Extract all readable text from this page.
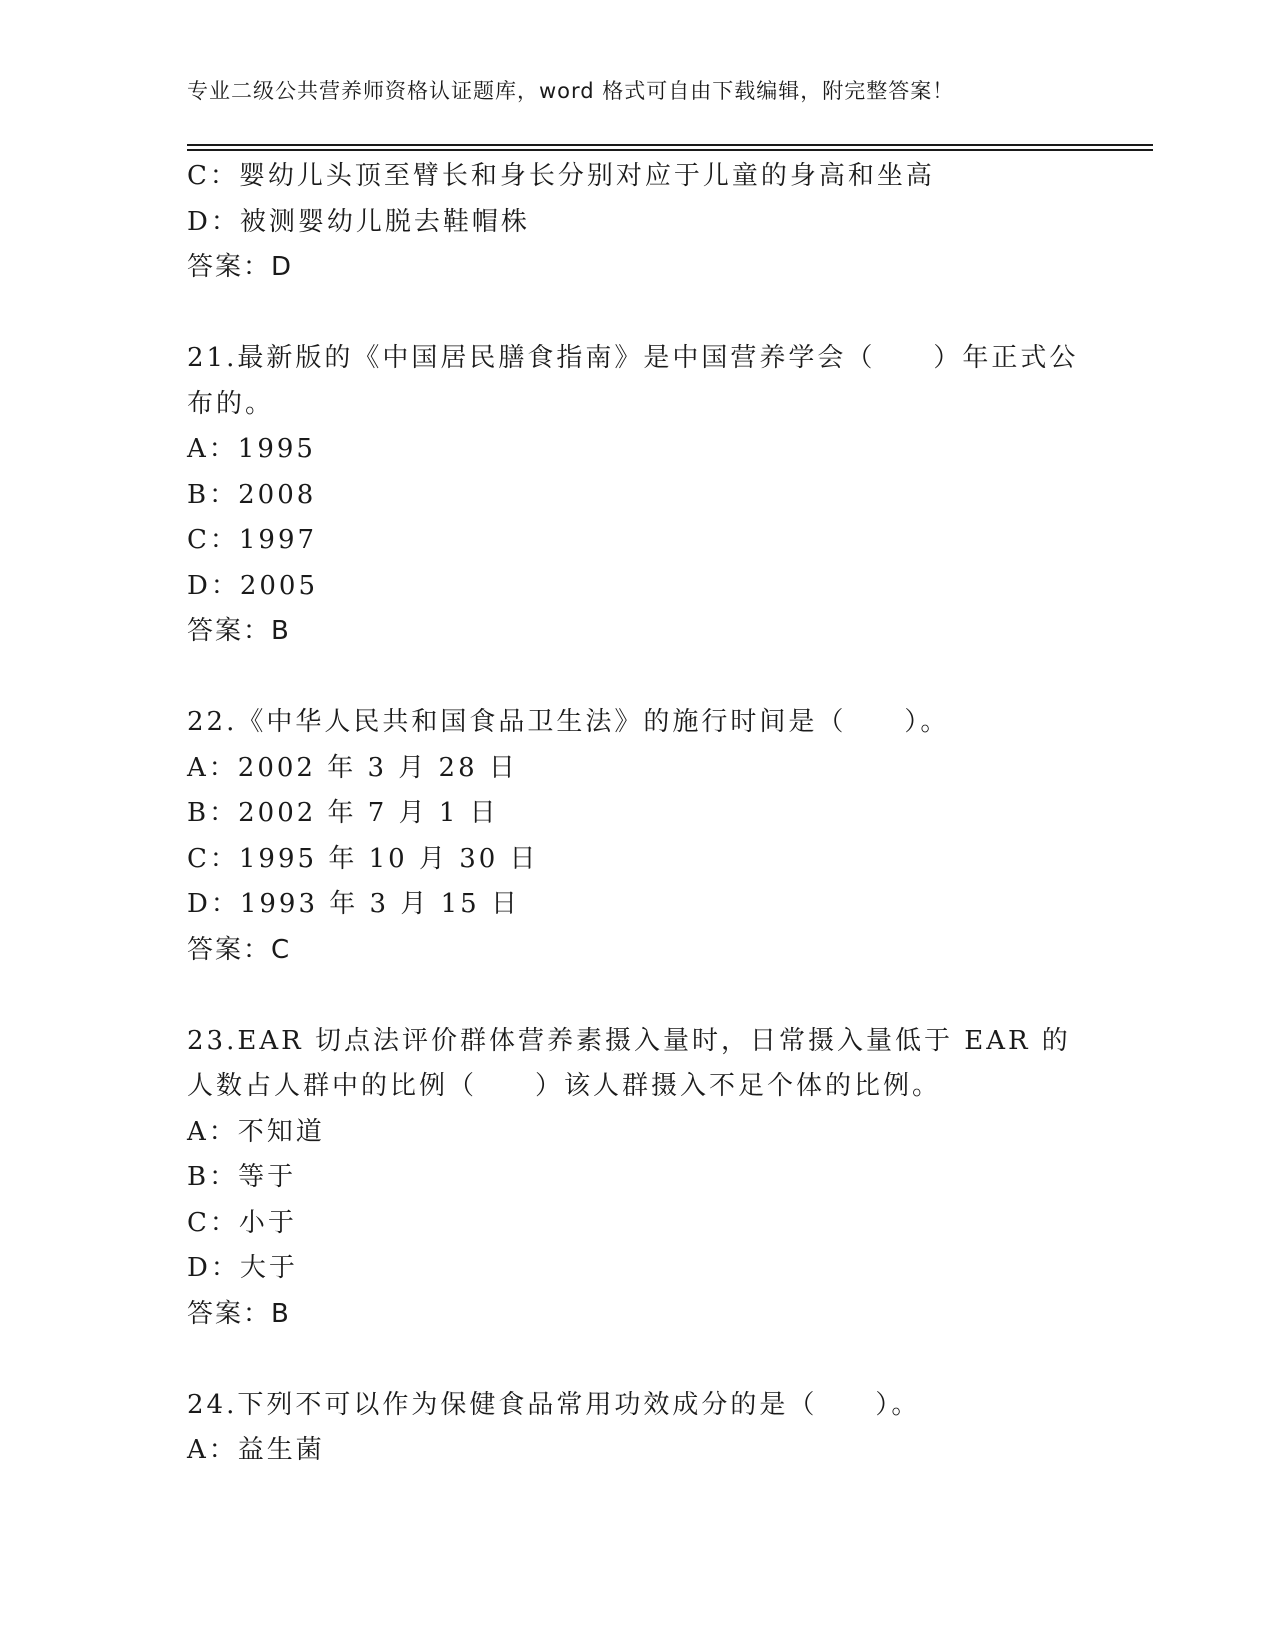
专业二级公共营养师资格认证题库，word 格式可自由下载编辑，附完整答案！
C：婴幼儿头顶至臂长和身长分别对应于儿童的身高和坐高
D：被测婴幼儿脱去鞋帽株
答案：D
21.最新版的《中国居民膳食指南》是中国营养学会（　　）年正式公布的。
A：1995
B：2008
C：1997
D：2005
答案：B
22.《中华人民共和国食品卫生法》的施行时间是（　　）。
A：2002 年 3 月 28 日
B：2002 年 7 月 1 日
C：1995 年 10 月 30 日
D：1993 年 3 月 15 日
答案：C
23.EAR 切点法评价群体营养素摄入量时，日常摄入量低于 EAR 的人数占人群中的比例（　　）该人群摄入不足个体的比例。
A：不知道
B：等于
C：小于
D：大于
答案：B
24.下列不可以作为保健食品常用功效成分的是（　　）。
A：益生菌
